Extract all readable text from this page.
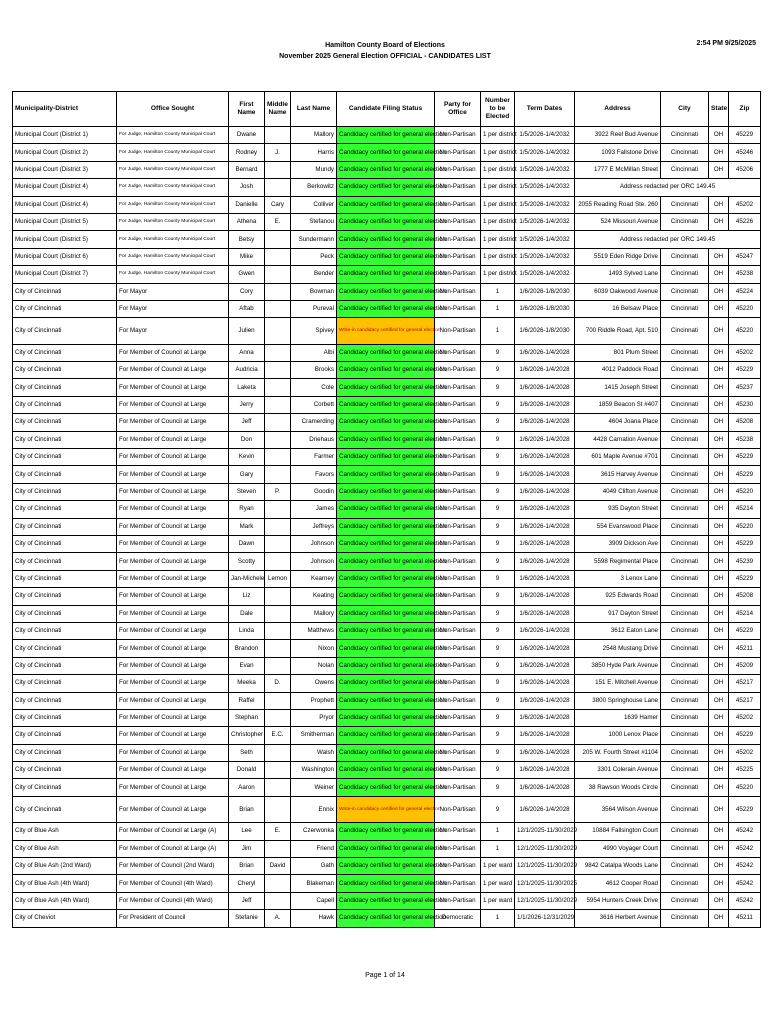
Hamilton County Board of Elections
November 2025 General Election OFFICIAL - CANDIDATES LIST
2:54 PM 9/25/2025
Municipality-District	Office Sought	First Name	Middle Name	Last Name	Candidate Filing Status	Party for Office	Number to be Elected	Term Dates	Address	City	State	Zip
Municipal Court (District 1)	For Judge, Hamilton County Municipal Court	Dwane		Mallory	Candidacy certified for general election	Non-Partisan	1 per district	1/5/2026-1/4/2032	3922 Reel Bud Avenue	Cincinnati	OH	45229
Municipal Court (District 2)	For Judge, Hamilton County Municipal Court	Rodney	J.	Harris	Candidacy certified for general election	Non-Partisan	1 per district	1/5/2026-1/4/2032	1093 Fallstone Drive	Cincinnati	OH	45246
Municipal Court (District 3)	For Judge, Hamilton County Municipal Court	Bernard		Mundy	Candidacy certified for general election	Non-Partisan	1 per district	1/5/2026-1/4/2032	1777 E McMillan Street	Cincinnati	OH	45206
Municipal Court (District 4)	For Judge, Hamilton County Municipal Court	Josh		Berkowitz	Candidacy certified for general election	Non-Partisan	1 per district	1/5/2026-1/4/2032	Address redacted per ORC 149.45			
Municipal Court (District 4)	For Judge, Hamilton County Municipal Court	Danielle	Cary	Colliver	Candidacy certified for general election	Non-Partisan	1 per district	1/5/2026-1/4/2032	2055 Reading Road Ste. 260	Cincinnati	OH	45202
Municipal Court (District 5)	For Judge, Hamilton County Municipal Court	Athena	E.	Stefanou	Candidacy certified for general election	Non-Partisan	1 per district	1/5/2026-1/4/2032	524 Missouri Avenue	Cincinnati	OH	45226
Municipal Court (District 5)	For Judge, Hamilton County Municipal Court	Betsy		Sundermann	Candidacy certified for general election	Non-Partisan	1 per district	1/5/2026-1/4/2032	Address redacted per ORC 149.45			
Municipal Court (District 6)	For Judge, Hamilton County Municipal Court	Mike		Peck	Candidacy certified for general election	Non-Partisan	1 per district	1/5/2026-1/4/2032	5519 Eden Ridge Drive	Cincinnati	OH	45247
Municipal Court (District 7)	For Judge, Hamilton County Municipal Court	Gwen		Bender	Candidacy certified for general election	Non-Partisan	1 per district	1/5/2026-1/4/2032	1493 Sylved Lane	Cincinnati	OH	45238
City of Cincinnati	For Mayor	Cory		Bowman	Candidacy certified for general election	Non-Partisan	1	1/6/2026-1/8/2030	6039 Oakwood Avenue	Cincinnati	OH	45224
City of Cincinnati	For Mayor	Aftab		Pureval	Candidacy certified for general election	Non-Partisan	1	1/6/2026-1/8/2030	16 Belsaw Place	Cincinnati	OH	45220
City of Cincinnati	For Mayor	Julien		Spivey	Write-in candidacy certified for general election	Non-Partisan	1	1/6/2026-1/8/2030	700 Riddle Road, Apt. 510	Cincinnati	OH	45220
City of Cincinnati	For Member of Council at Large	Anna		Albi	Candidacy certified for general election	Non-Partisan	9	1/6/2026-1/4/2028	801 Plum Street	Cincinnati	OH	45202
City of Cincinnati	For Member of Council at Large	Audricia		Brooks	Candidacy certified for general election	Non-Partisan	9	1/6/2026-1/4/2028	4012 Paddock Road	Cincinnati	OH	45229
City of Cincinnati	For Member of Council at Large	Laketa		Cole	Candidacy certified for general election	Non-Partisan	9	1/6/2026-1/4/2028	1415 Joseph Street	Cincinnati	OH	45237
City of Cincinnati	For Member of Council at Large	Jerry		Corbett	Candidacy certified for general election	Non-Partisan	9	1/6/2026-1/4/2028	1859 Beacon St #407	Cincinnati	OH	45230
City of Cincinnati	For Member of Council at Large	Jeff		Cramerding	Candidacy certified for general election	Non-Partisan	9	1/6/2026-1/4/2028	4604 Joana Place	Cincinnati	OH	45208
City of Cincinnati	For Member of Council at Large	Don		Driehaus	Candidacy certified for general election	Non-Partisan	9	1/6/2026-1/4/2028	4428 Carnation Avenue	Cincinnati	OH	45238
City of Cincinnati	For Member of Council at Large	Kevin		Farmer	Candidacy certified for general election	Non-Partisan	9	1/6/2026-1/4/2028	601 Maple Avenue #701	Cincinnati	OH	45229
City of Cincinnati	For Member of Council at Large	Gary		Favors	Candidacy certified for general election	Non-Partisan	9	1/6/2026-1/4/2028	3615 Harvey Avenue	Cincinnati	OH	45229
City of Cincinnati	For Member of Council at Large	Steven	P.	Goodin	Candidacy certified for general election	Non-Partisan	9	1/6/2026-1/4/2028	4049 Clifton Avenue	Cincinnati	OH	45220
City of Cincinnati	For Member of Council at Large	Ryan		James	Candidacy certified for general election	Non-Partisan	9	1/6/2026-1/4/2028	935 Dayton Street	Cincinnati	OH	45214
City of Cincinnati	For Member of Council at Large	Mark		Jeffreys	Candidacy certified for general election	Non-Partisan	9	1/6/2026-1/4/2028	554 Evanswood Place	Cincinnati	OH	45220
City of Cincinnati	For Member of Council at Large	Dawn		Johnson	Candidacy certified for general election	Non-Partisan	9	1/6/2026-1/4/2028	3909 Dickson Ave	Cincinnati	OH	45229
City of Cincinnati	For Member of Council at Large	Scotty		Johnson	Candidacy certified for general election	Non-Partisan	9	1/6/2026-1/4/2028	5598 Regimental Place	Cincinnati	OH	45239
City of Cincinnati	For Member of Council at Large	Jan-Michele	Lemon	Kearney	Candidacy certified for general election	Non-Partisan	9	1/6/2026-1/4/2028	3 Lenox Lane	Cincinnati	OH	45229
City of Cincinnati	For Member of Council at Large	Liz		Keating	Candidacy certified for general election	Non-Partisan	9	1/6/2026-1/4/2028	925 Edwards Road	Cincinnati	OH	45208
City of Cincinnati	For Member of Council at Large	Dale		Mallory	Candidacy certified for general election	Non-Partisan	9	1/6/2026-1/4/2028	917 Dayton Street	Cincinnati	OH	45214
City of Cincinnati	For Member of Council at Large	Linda		Matthews	Candidacy certified for general election	Non-Partisan	9	1/6/2026-1/4/2028	3612 Eaton Lane	Cincinnati	OH	45229
City of Cincinnati	For Member of Council at Large	Brandon		Nixon	Candidacy certified for general election	Non-Partisan	9	1/6/2026-1/4/2028	2548 Mustang Drive	Cincinnati	OH	45211
City of Cincinnati	For Member of Council at Large	Evan		Nolan	Candidacy certified for general election	Non-Partisan	9	1/6/2026-1/4/2028	3850 Hyde Park Avenue	Cincinnati	OH	45209
City of Cincinnati	For Member of Council at Large	Meeka	D.	Owens	Candidacy certified for general election	Non-Partisan	9	1/6/2026-1/4/2028	151 E. Mitchell Avenue	Cincinnati	OH	45217
City of Cincinnati	For Member of Council at Large	Raffel		Prophett	Candidacy certified for general election	Non-Partisan	9	1/6/2026-1/4/2028	3800 Springhouse Lane	Cincinnati	OH	45217
City of Cincinnati	For Member of Council at Large	Stephan		Pryor	Candidacy certified for general election	Non-Partisan	9	1/6/2026-1/4/2028	1639 Hamer	Cincinnati	OH	45202
City of Cincinnati	For Member of Council at Large	Christopher	E.C.	Smitherman	Candidacy certified for general election	Non-Partisan	9	1/6/2026-1/4/2028	1000 Lenox Place	Cincinnati	OH	45229
City of Cincinnati	For Member of Council at Large	Seth		Walsh	Candidacy certified for general election	Non-Partisan	9	1/6/2026-1/4/2028	205 W. Fourth Street #1104	Cincinnati	OH	45202
City of Cincinnati	For Member of Council at Large	Donald		Washington	Candidacy certified for general election	Non-Partisan	9	1/6/2026-1/4/2028	3301 Colerain Avenue	Cincinnati	OH	45225
City of Cincinnati	For Member of Council at Large	Aaron		Weiner	Candidacy certified for general election	Non-Partisan	9	1/6/2026-1/4/2028	38 Rawson Woods Circle	Cincinnati	OH	45220
City of Cincinnati	For Member of Council at Large	Brian		Ennix	Write-in candidacy certified for general election	Non-Partisan	9	1/6/2026-1/4/2028	3564 Wilson Avenue	Cincinnati	OH	45229
City of Blue Ash	For Member of Council at Large (A)	Lee	E.	Czerwonka	Candidacy certified for general election	Non-Partisan	1	12/1/2025-11/30/2029	10884 Fallsington Court	Cincinnati	OH	45242
City of Blue Ash	For Member of Council at Large (A)	Jim		Friend	Candidacy certified for general election	Non-Partisan	1	12/1/2025-11/30/2029	4990 Voyager Court	Cincinnati	OH	45242
City of Blue Ash (2nd Ward)	For Member of Council (2nd Ward)	Brian	David	Gath	Candidacy certified for general election	Non-Partisan	1 per ward	12/1/2025-11/30/2029	9842 Catalpa Woods Lane	Cincinnati	OH	45242
City of Blue Ash (4th Ward)	For Member of Council (4th Ward)	Cheryl		Blakeman	Candidacy certified for general election	Non-Partisan	1 per ward	12/1/2025-11/30/2025	4612 Cooper Road	Cincinnati	OH	45242
City of Blue Ash (4th Ward)	For Member of Council (4th Ward)	Jeff		Capell	Candidacy certified for general election	Non-Partisan	1 per ward	12/1/2025-11/30/2029	5954 Hunters Creek Drive	Cincinnati	OH	45242
City of Cheviot	For President of Council	Stefanie	A.	Hawk	Candidacy certified for general election	Democratic	1	1/1/2026-12/31/2029	3616 Herbert Avenue	Cincinnati	OH	45211
Page 1 of 14
